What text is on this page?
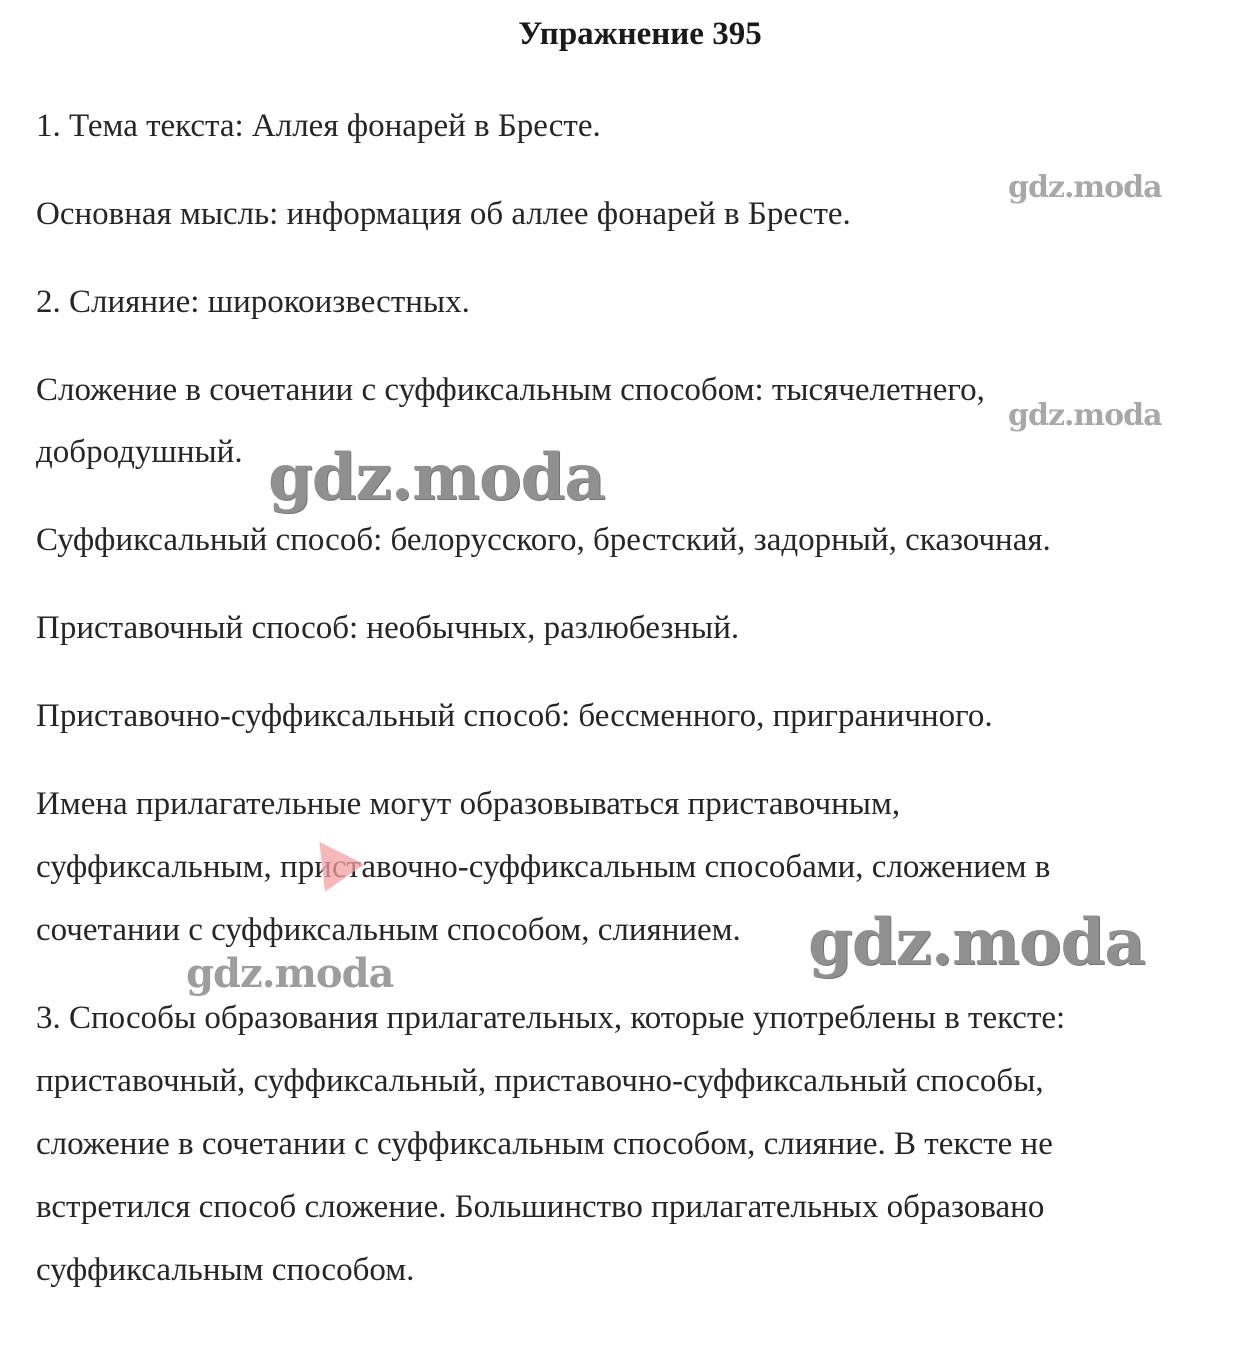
Упражнение 395
1. Тема текста: Аллея фонарей в Бресте.
Основная мысль: информация об аллее фонарей в Бресте.
2. Слияние: широкоизвестных.
Сложение в сочетании с суффиксальным способом: тысячелетнего,
добродушный.
Суффиксальный способ: белорусского, брестский, задорный, сказочная.
Приставочный способ: необычных, разлюбезный.
Приставочно-суффиксальный способ: бессменного, приграничного.
Имена прилагательные могут образовываться приставочным,
суффиксальным, приставочно-суффиксальным способами, сложением в
сочетании с суффиксальным способом, слиянием.
3. Способы образования прилагательных, которые употреблены в тексте:
приставочный, суффиксальный, приставочно-суффиксальный способы,
сложение в сочетании с суффиксальным способом, слияние. В тексте не
встретился способ сложение. Большинство прилагательных образовано
суффиксальным способом.
gdz.moda
gdz.moda
gdz.moda
gdz.moda
gdz.moda
